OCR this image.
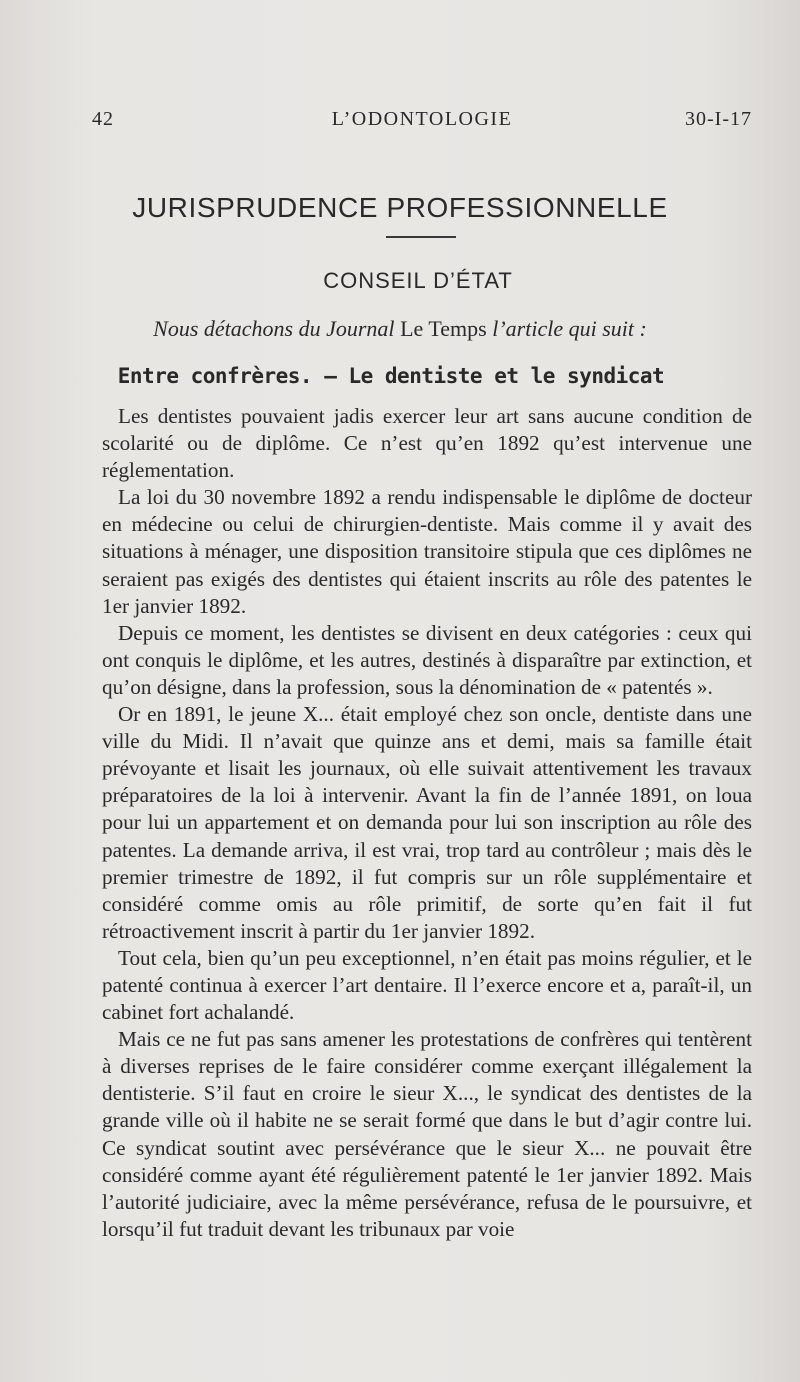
42	L’ODONTOLOGIE	30-I-17
JURISPRUDENCE PROFESSIONNELLE
CONSEIL D’ÉTAT
Nous détachons du Journal Le Temps l’article qui suit :
Entre confrères. — Le dentiste et le syndicat

Les dentistes pouvaient jadis exercer leur art sans aucune condition de scolarité ou de diplôme. Ce n’est qu’en 1892 qu’est intervenue une réglementation.

La loi du 30 novembre 1892 a rendu indispensable le diplôme de docteur en médecine ou celui de chirurgien-dentiste. Mais comme il y avait des situations à ménager, une disposition transitoire stipula que ces diplômes ne seraient pas exigés des dentistes qui étaient inscrits au rôle des patentes le 1er janvier 1892.

Depuis ce moment, les dentistes se divisent en deux catégories : ceux qui ont conquis le diplôme, et les autres, destinés à disparaître par extinction, et qu’on désigne, dans la profession, sous la dénomination de « patentés ».

Or en 1891, le jeune X... était employé chez son oncle, dentiste dans une ville du Midi. Il n’avait que quinze ans et demi, mais sa famille était prévoyante et lisait les journaux, où elle suivait attentivement les travaux préparatoires de la loi à intervenir. Avant la fin de l’année 1891, on loua pour lui un appartement et on demanda pour lui son inscription au rôle des patentes. La demande arriva, il est vrai, trop tard au contrôleur ; mais dès le premier trimestre de 1892, il fut compris sur un rôle supplémentaire et considéré comme omis au rôle primitif, de sorte qu’en fait il fut rétroactivement inscrit à partir du 1er janvier 1892.

Tout cela, bien qu’un peu exceptionnel, n’en était pas moins régulier, et le patenté continua à exercer l’art dentaire. Il l’exerce encore et a, paraît-il, un cabinet fort achalandé.

Mais ce ne fut pas sans amener les protestations de confrères qui tentèrent à diverses reprises de le faire considérer comme exerçant illégalement la dentisterie. S’il faut en croire le sieur X..., le syndicat des dentistes de la grande ville où il habite ne se serait formé que dans le but d’agir contre lui. Ce syndicat soutint avec persévérance que le sieur X... ne pouvait être considéré comme ayant été régulièrement patenté le 1er janvier 1892. Mais l’autorité judiciaire, avec la même persévérance, refusa de le poursuivre, et lorsqu’il fut traduit devant les tribunaux par voie
